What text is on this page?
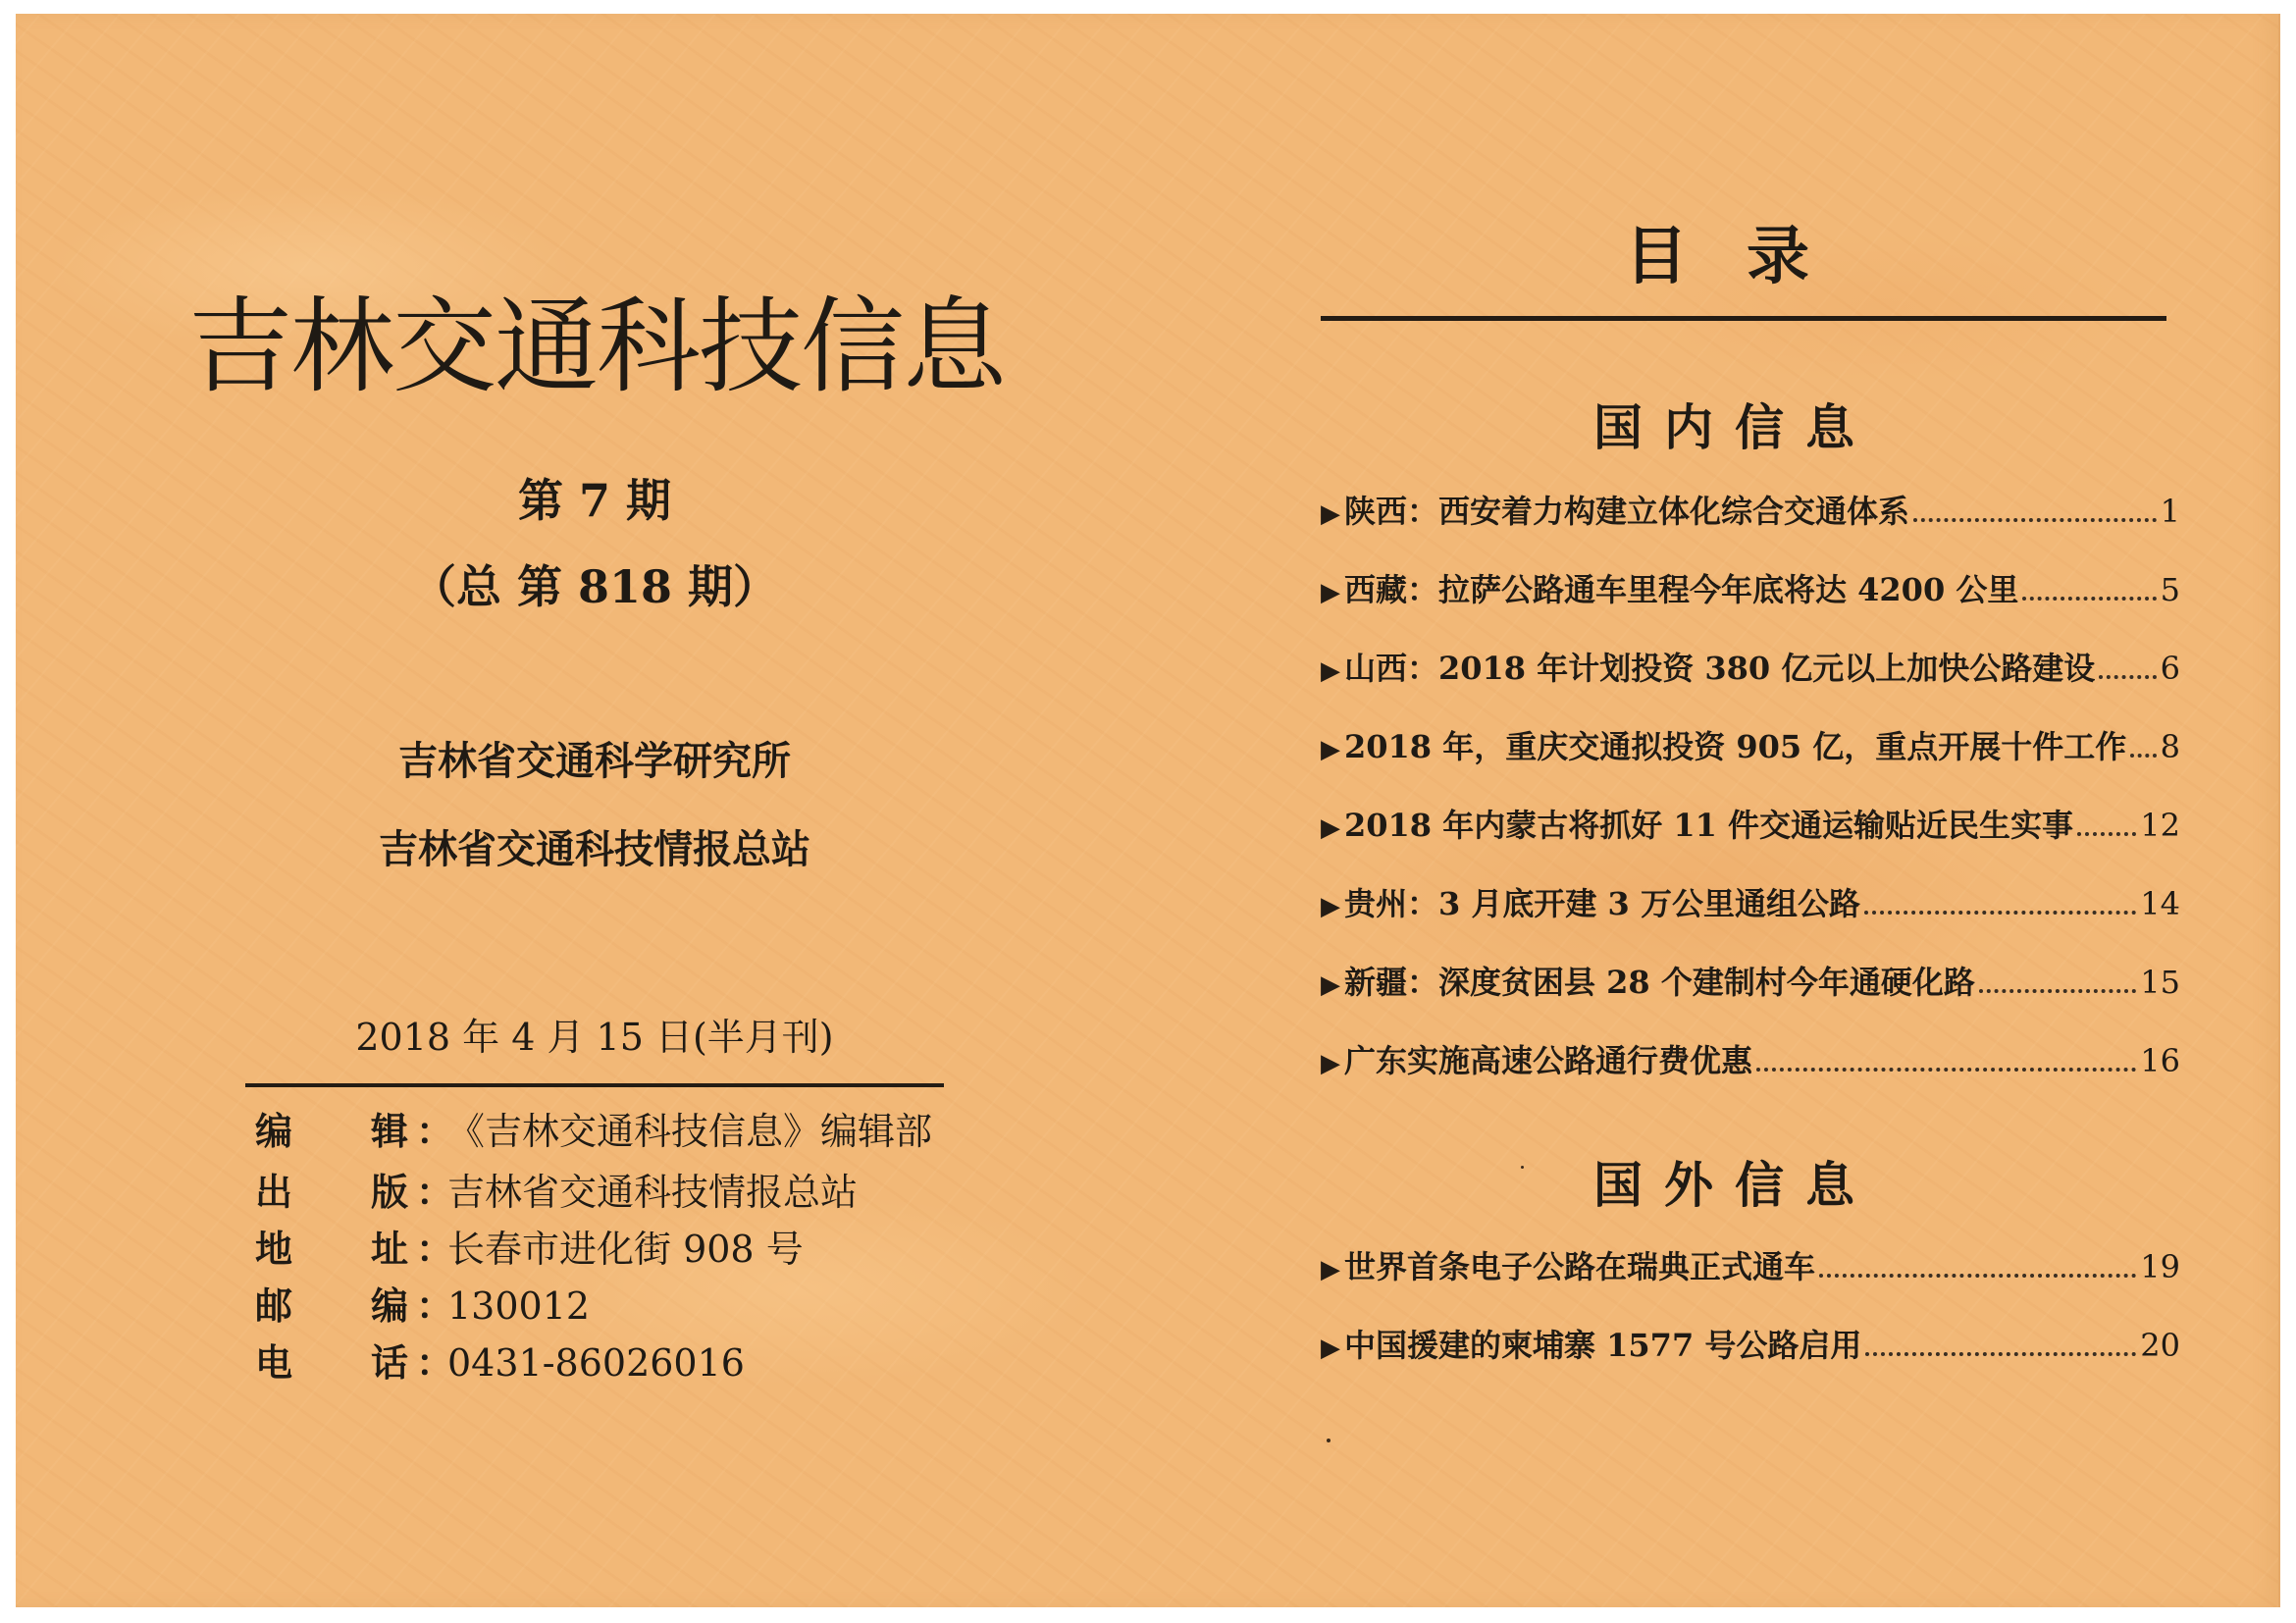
吉林交通科技信息
第 7 期
（总 第 818 期）
吉林省交通科学研究所
吉林省交通科技情报总站
2018 年 4 月 15 日(半月刊)
编	辑 ：
《吉林交通科技信息》编辑部
出	版 ：
吉林省交通科技情报总站
地	址 ：
长春市进化街 908 号
邮	编 ：
130012
电	话 ：
0431-86026016
目录
国内信息
▶ 陕西：西安着力构建立体化综合交通体系	1
▶ 西藏：拉萨公路通车里程今年底将达 4200 公里	5
▶ 山西：2018 年计划投资 380 亿元以上加快公路建设 6
▶ 2018 年，重庆交通拟投资 905 亿，重点开展十件工作 8
▶ 2018 年内蒙古将抓好 11 件交通运输贴近民生实事 12
▶ 贵州：3 月底开建 3 万公里通组公路	14
▶ 新疆：深度贫困县 28 个建制村今年通硬化路	15
▶ 广东实施高速公路通行费优惠	16
国外信息
▶ 世界首条电子公路在瑞典正式通车	19
▶ 中国援建的柬埔寨 1577 号公路启用	20
